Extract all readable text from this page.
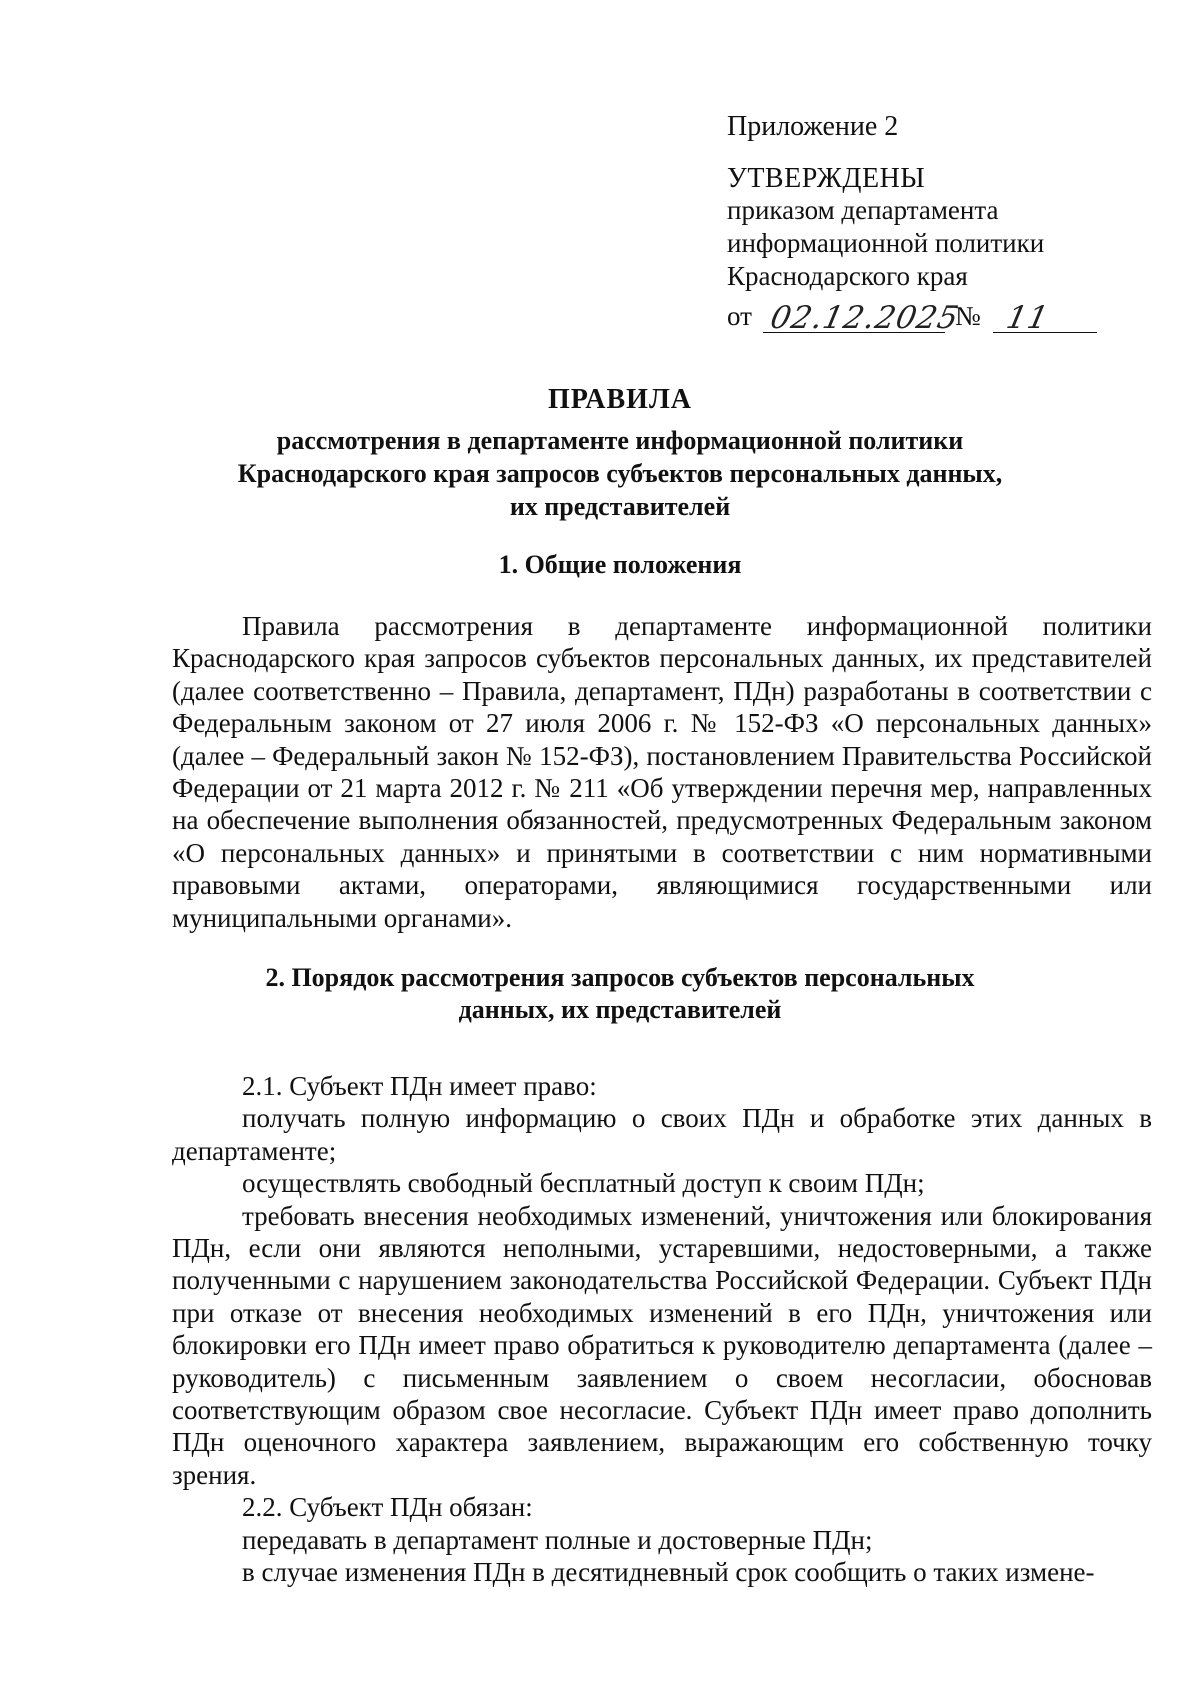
Приложение 2

УТВЕРЖДЕНЫ

приказом департамента

информационной политики

Краснодарского края

от 02.12.2025
№ 11

ПРАВИЛА

рассмотрения в департаменте информационной политики

Краснодарского края запросов субъектов персональных данных,

их представителей

1. Общие положения

Правила рассмотрения в департаменте информационной политики Краснодарского края запросов субъектов персональных данных, их представителей (далее соответственно – Правила, департамент, ПДн) разработаны в соответствии с Федеральным законом от 27 июля 2006 г. № 152-ФЗ «О персональных данных» (далее – Федеральный закон № 152-ФЗ), постановлением Правительства Российской Федерации от 21 марта 2012 г. № 211 «Об утверждении перечня мер, направленных на обеспечение выполнения обязанностей, предусмотренных Федеральным законом «О персональных данных» и принятыми в соответствии с ним нормативными правовыми актами, операторами, являющимися государственными или муниципальными органами».

2. Порядок рассмотрения запросов субъектов персональных

данных, их представителей

2.1. Субъект ПДн имеет право:

получать полную информацию о своих ПДн и обработке этих данных в департаменте;

осуществлять свободный бесплатный доступ к своим ПДн;

требовать внесения необходимых изменений, уничтожения или блокирования ПДн, если они являются неполными, устаревшими, недостоверными, а также полученными с нарушением законодательства Российской Федерации. Субъект ПДн при отказе от внесения необходимых изменений в его ПДн, уничтожения или блокировки его ПДн имеет право обратиться к руководителю департамента (далее – руководитель) с письменным заявлением о своем несогласии, обосновав соответствующим образом свое несогласие. Субъект ПДн имеет право дополнить ПДн оценочного характера заявлением, выражающим его собственную точку зрения.

2.2. Субъект ПДн обязан:

передавать в департамент полные и достоверные ПДн;

в случае изменения ПДн в десятидневный срок сообщить о таких измене-
